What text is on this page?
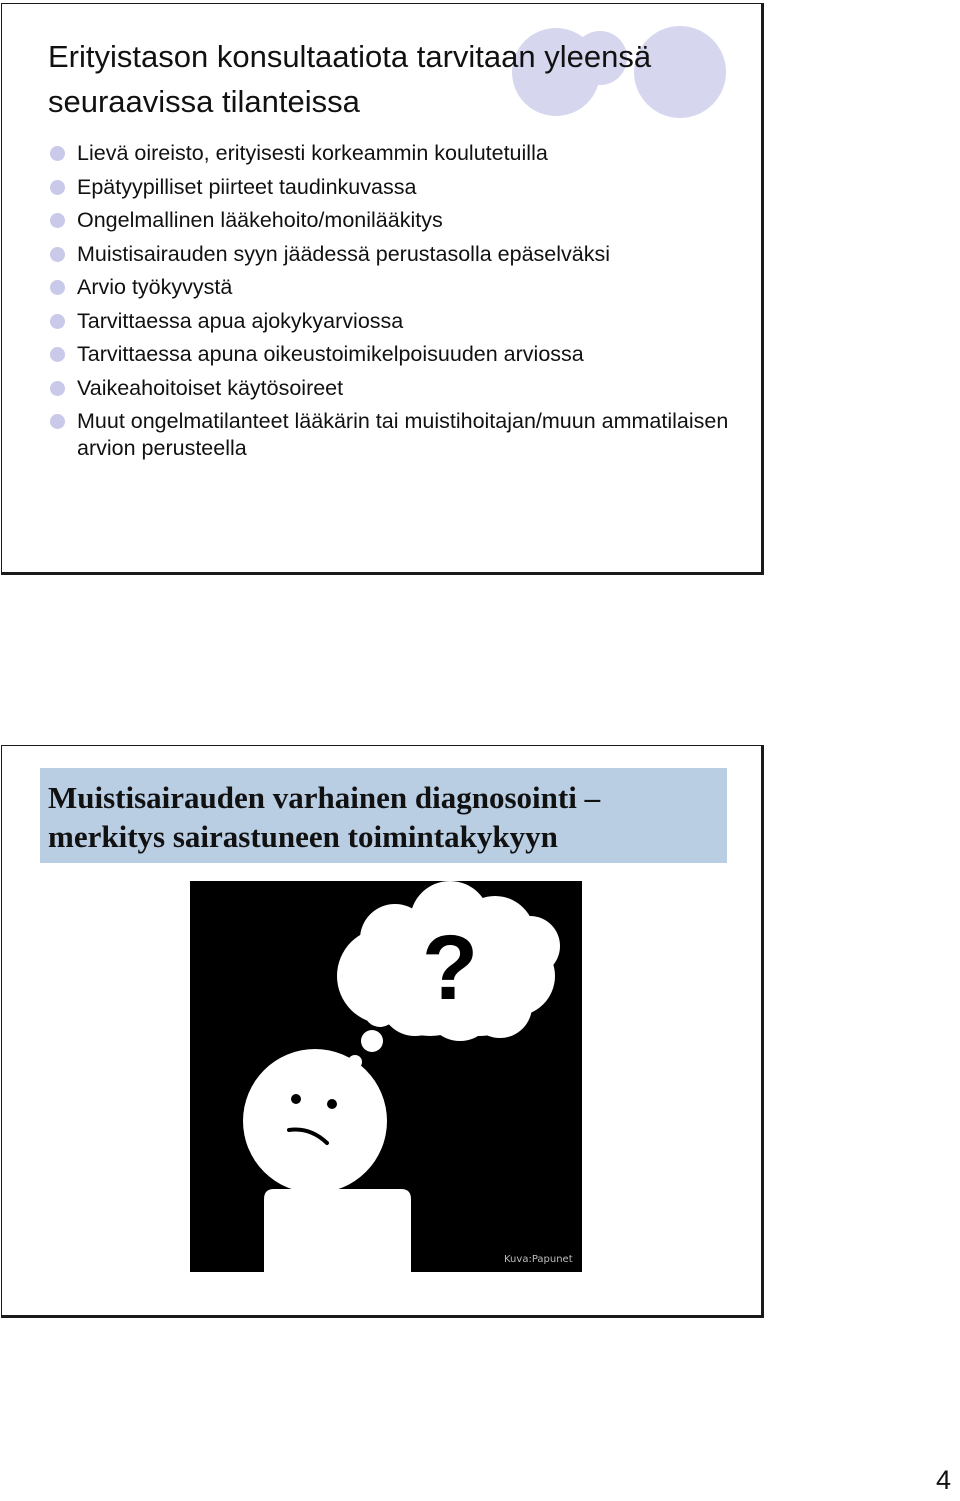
Erityistason konsultaatiota tarvitaan yleensä seuraavissa tilanteissa
Lievä oireisto, erityisesti korkeammin koulutetuilla
Epätyypilliset piirteet taudinkuvassa
Ongelmallinen lääkehoito/monilääkitys
Muistisairauden syyn jäädessä perustasolla epäselväksi
Arvio työkyvystä
Tarvittaessa apua ajokykyarviossa
Tarvittaessa apuna oikeustoimikelpoisuuden arviossa
Vaikeahoitoiset käytösoireet
Muut ongelmatilanteet lääkärin tai muistihoitajan/muun ammatilaisen arvion perusteella
Muistisairauden varhainen diagnosointi – merkitys sairastuneen toimintakykyyn
?
Kuva:Papunet
4
